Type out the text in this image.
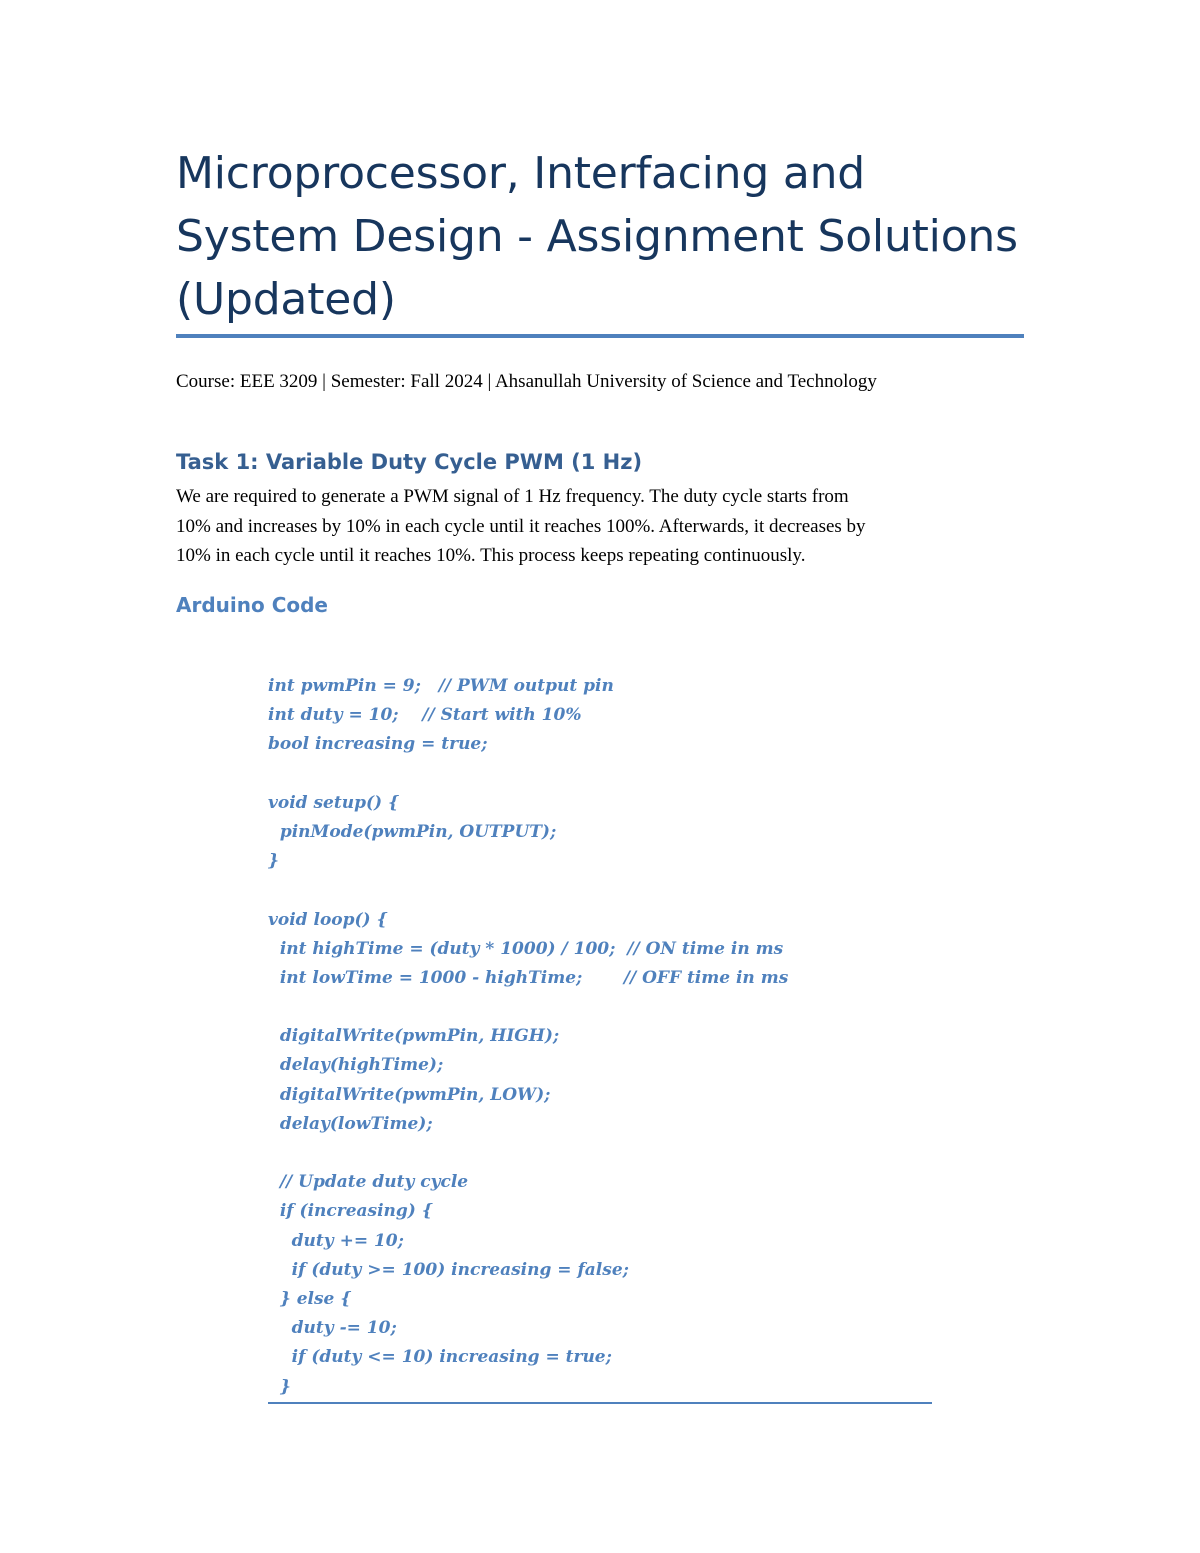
Microprocessor, Interfacing and System Design - Assignment Solutions (Updated)

Course: EEE 3209 | Semester: Fall 2024 | Ahsanullah University of Science and Technology

Task 1: Variable Duty Cycle PWM (1 Hz)

We are required to generate a PWM signal of 1 Hz frequency. The duty cycle starts from
10% and increases by 10% in each cycle until it reaches 100%. Afterwards, it decreases by
10% in each cycle until it reaches 10%. This process keeps repeating continuously.

Arduino Code
int pwmPin = 9;   // PWM output pin
int duty = 10;    // Start with 10%
bool increasing = true;
void setup() {
pinMode(pwmPin, OUTPUT);
}
void loop() {
int highTime = (duty * 1000) / 100;  // ON time in ms
int lowTime = 1000 - highTime;       // OFF time in ms
digitalWrite(pwmPin, HIGH);
delay(highTime);
digitalWrite(pwmPin, LOW);
delay(lowTime);
// Update duty cycle
if (increasing) {
duty += 10;
if (duty >= 100) increasing = false;
} else {
duty -= 10;
if (duty <= 10) increasing = true;
}
